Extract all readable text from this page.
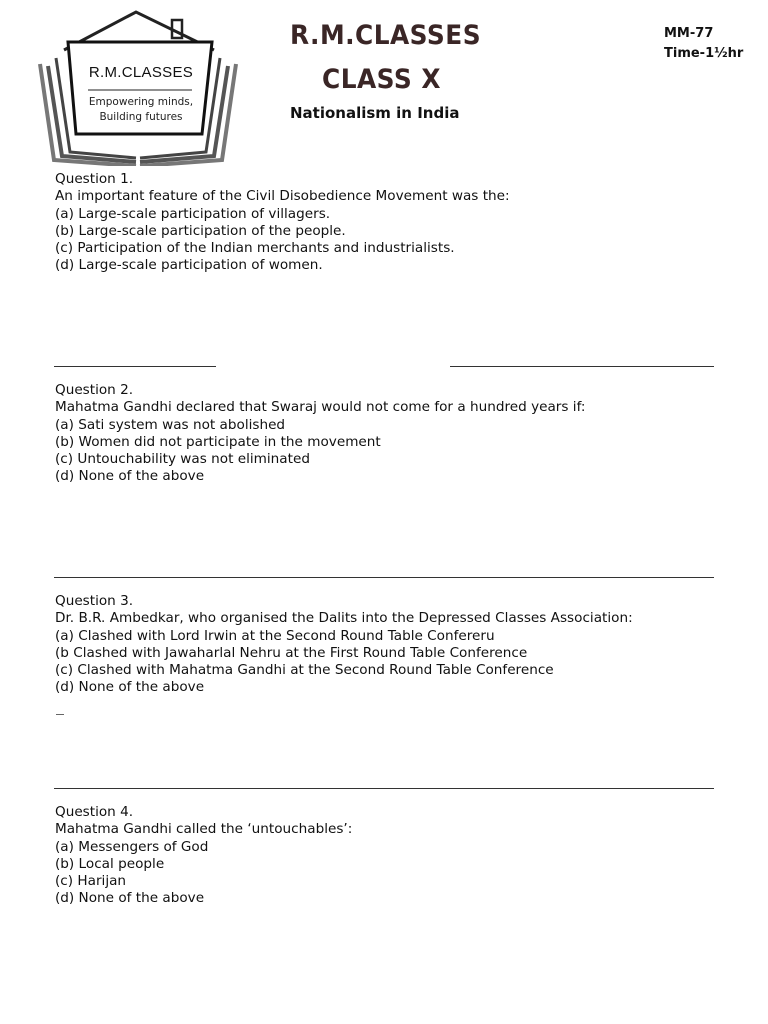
R.M.CLASSES
Empowering minds,
Building futures
R.M.CLASSES
CLASS X
Nationalism in India
MM-77
Time-1½hr
Question 1.
An important feature of the Civil Disobedience Movement was the:
(a) Large-scale participation of villagers.
(b) Large-scale participation of the people.
(c) Participation of the Indian merchants and industrialists.
(d) Large-scale participation of women.
Question 2.
Mahatma Gandhi declared that Swaraj would not come for a hundred years if:
(a) Sati system was not abolished
(b) Women did not participate in the movement
(c) Untouchability was not eliminated
(d) None of the above
Question 3.
Dr. B.R. Ambedkar, who organised the Dalits into the Depressed Classes Association:
(a) Clashed with Lord Irwin at the Second Round Table Confereru
(b Clashed with Jawaharlal Nehru at the First Round Table Conference
(c) Clashed with Mahatma Gandhi at the Second Round Table Conference
(d) None of the above
Question 4.
Mahatma Gandhi called the ‘untouchables’:
(a) Messengers of God
(b) Local people
(c) Harijan
(d) None of the above
